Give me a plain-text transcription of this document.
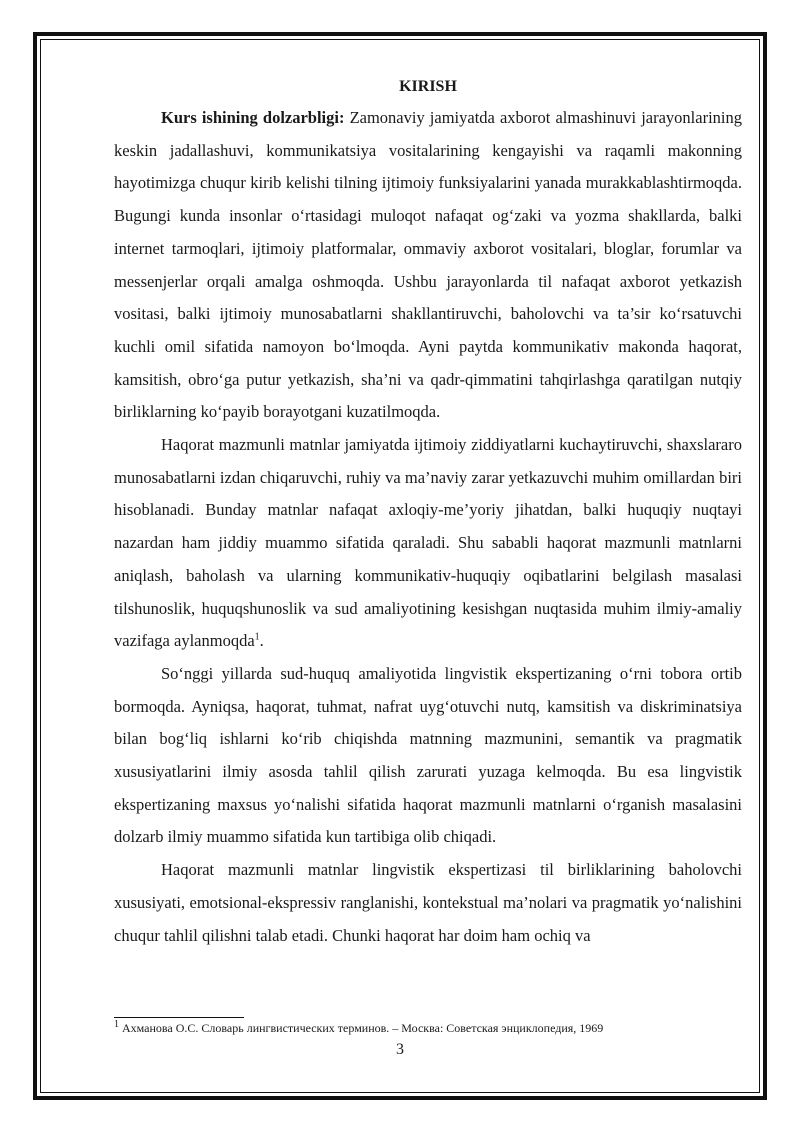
KIRISH

Kurs ishining dolzarbligi: Zamonaviy jamiyatda axborot almashinuvi jarayonlarining keskin jadallashuvi, kommunikatsiya vositalarining kengayishi va raqamli makonning hayotimizga chuqur kirib kelishi tilning ijtimoiy funksiyalarini yanada murakkablashtirmoqda. Bugungi kunda insonlar o‘rtasidagi muloqot nafaqat og‘zaki va yozma shakllarda, balki internet tarmoqlari, ijtimoiy platformalar, ommaviy axborot vositalari, bloglar, forumlar va messenjerlar orqali amalga oshmoqda. Ushbu jarayonlarda til nafaqat axborot yetkazish vositasi, balki ijtimoiy munosabatlarni shakllantiruvchi, baholovchi va ta’sir ko‘rsatuvchi kuchli omil sifatida namoyon bo‘lmoqda. Ayni paytda kommunikativ makonda haqorat, kamsitish, obro‘ga putur yetkazish, sha’ni va qadr-qimmatini tahqirlashga qaratilgan nutqiy birliklarning ko‘payib borayotgani kuzatilmoqda.

Haqorat mazmunli matnlar jamiyatda ijtimoiy ziddiyatlarni kuchaytiruvchi, shaxslararo munosabatlarni izdan chiqaruvchi, ruhiy va ma’naviy zarar yetkazuvchi muhim omillardan biri hisoblanadi. Bunday matnlar nafaqat axloqiy-me’yoriy jihatdan, balki huquqiy nuqtayi nazardan ham jiddiy muammo sifatida qaraladi. Shu sababli haqorat mazmunli matnlarni aniqlash, baholash va ularning kommunikativ-huquqiy oqibatlarini belgilash masalasi tilshunoslik, huquqshunoslik va sud amaliyotining kesishgan nuqtasida muhim ilmiy-amaliy vazifaga aylanmoqda$^1$.

So‘nggi yillarda sud-huquq amaliyotida lingvistik ekspertizaning o‘rni tobora ortib bormoqda. Ayniqsa, haqorat, tuhmat, nafrat uyg‘otuvchi nutq, kamsitish va diskriminatsiya bilan bog‘liq ishlarni ko‘rib chiqishda matnning mazmunini, semantik va pragmatik xususiyatlarini ilmiy asosda tahlil qilish zarurati yuzaga kelmoqda. Bu esa lingvistik ekspertizaning maxsus yo‘nalishi sifatida haqorat mazmunli matnlarni o‘rganish masalasini dolzarb ilmiy muammo sifatida kun tartibiga olib chiqadi.

Haqorat mazmunli matnlar lingvistik ekspertizasi til birliklarining baholovchi xususiyati, emotsional-ekspressiv ranglanishi, kontekstual ma’nolari va pragmatik yo‘nalishini chuqur tahlil qilishni talab etadi. Chunki haqorat har doim ham ochiq va

$^1$ Ахманова О.С. Словарь лингвистических терминов. – Москва: Советская энциклопедия, 1969
3
